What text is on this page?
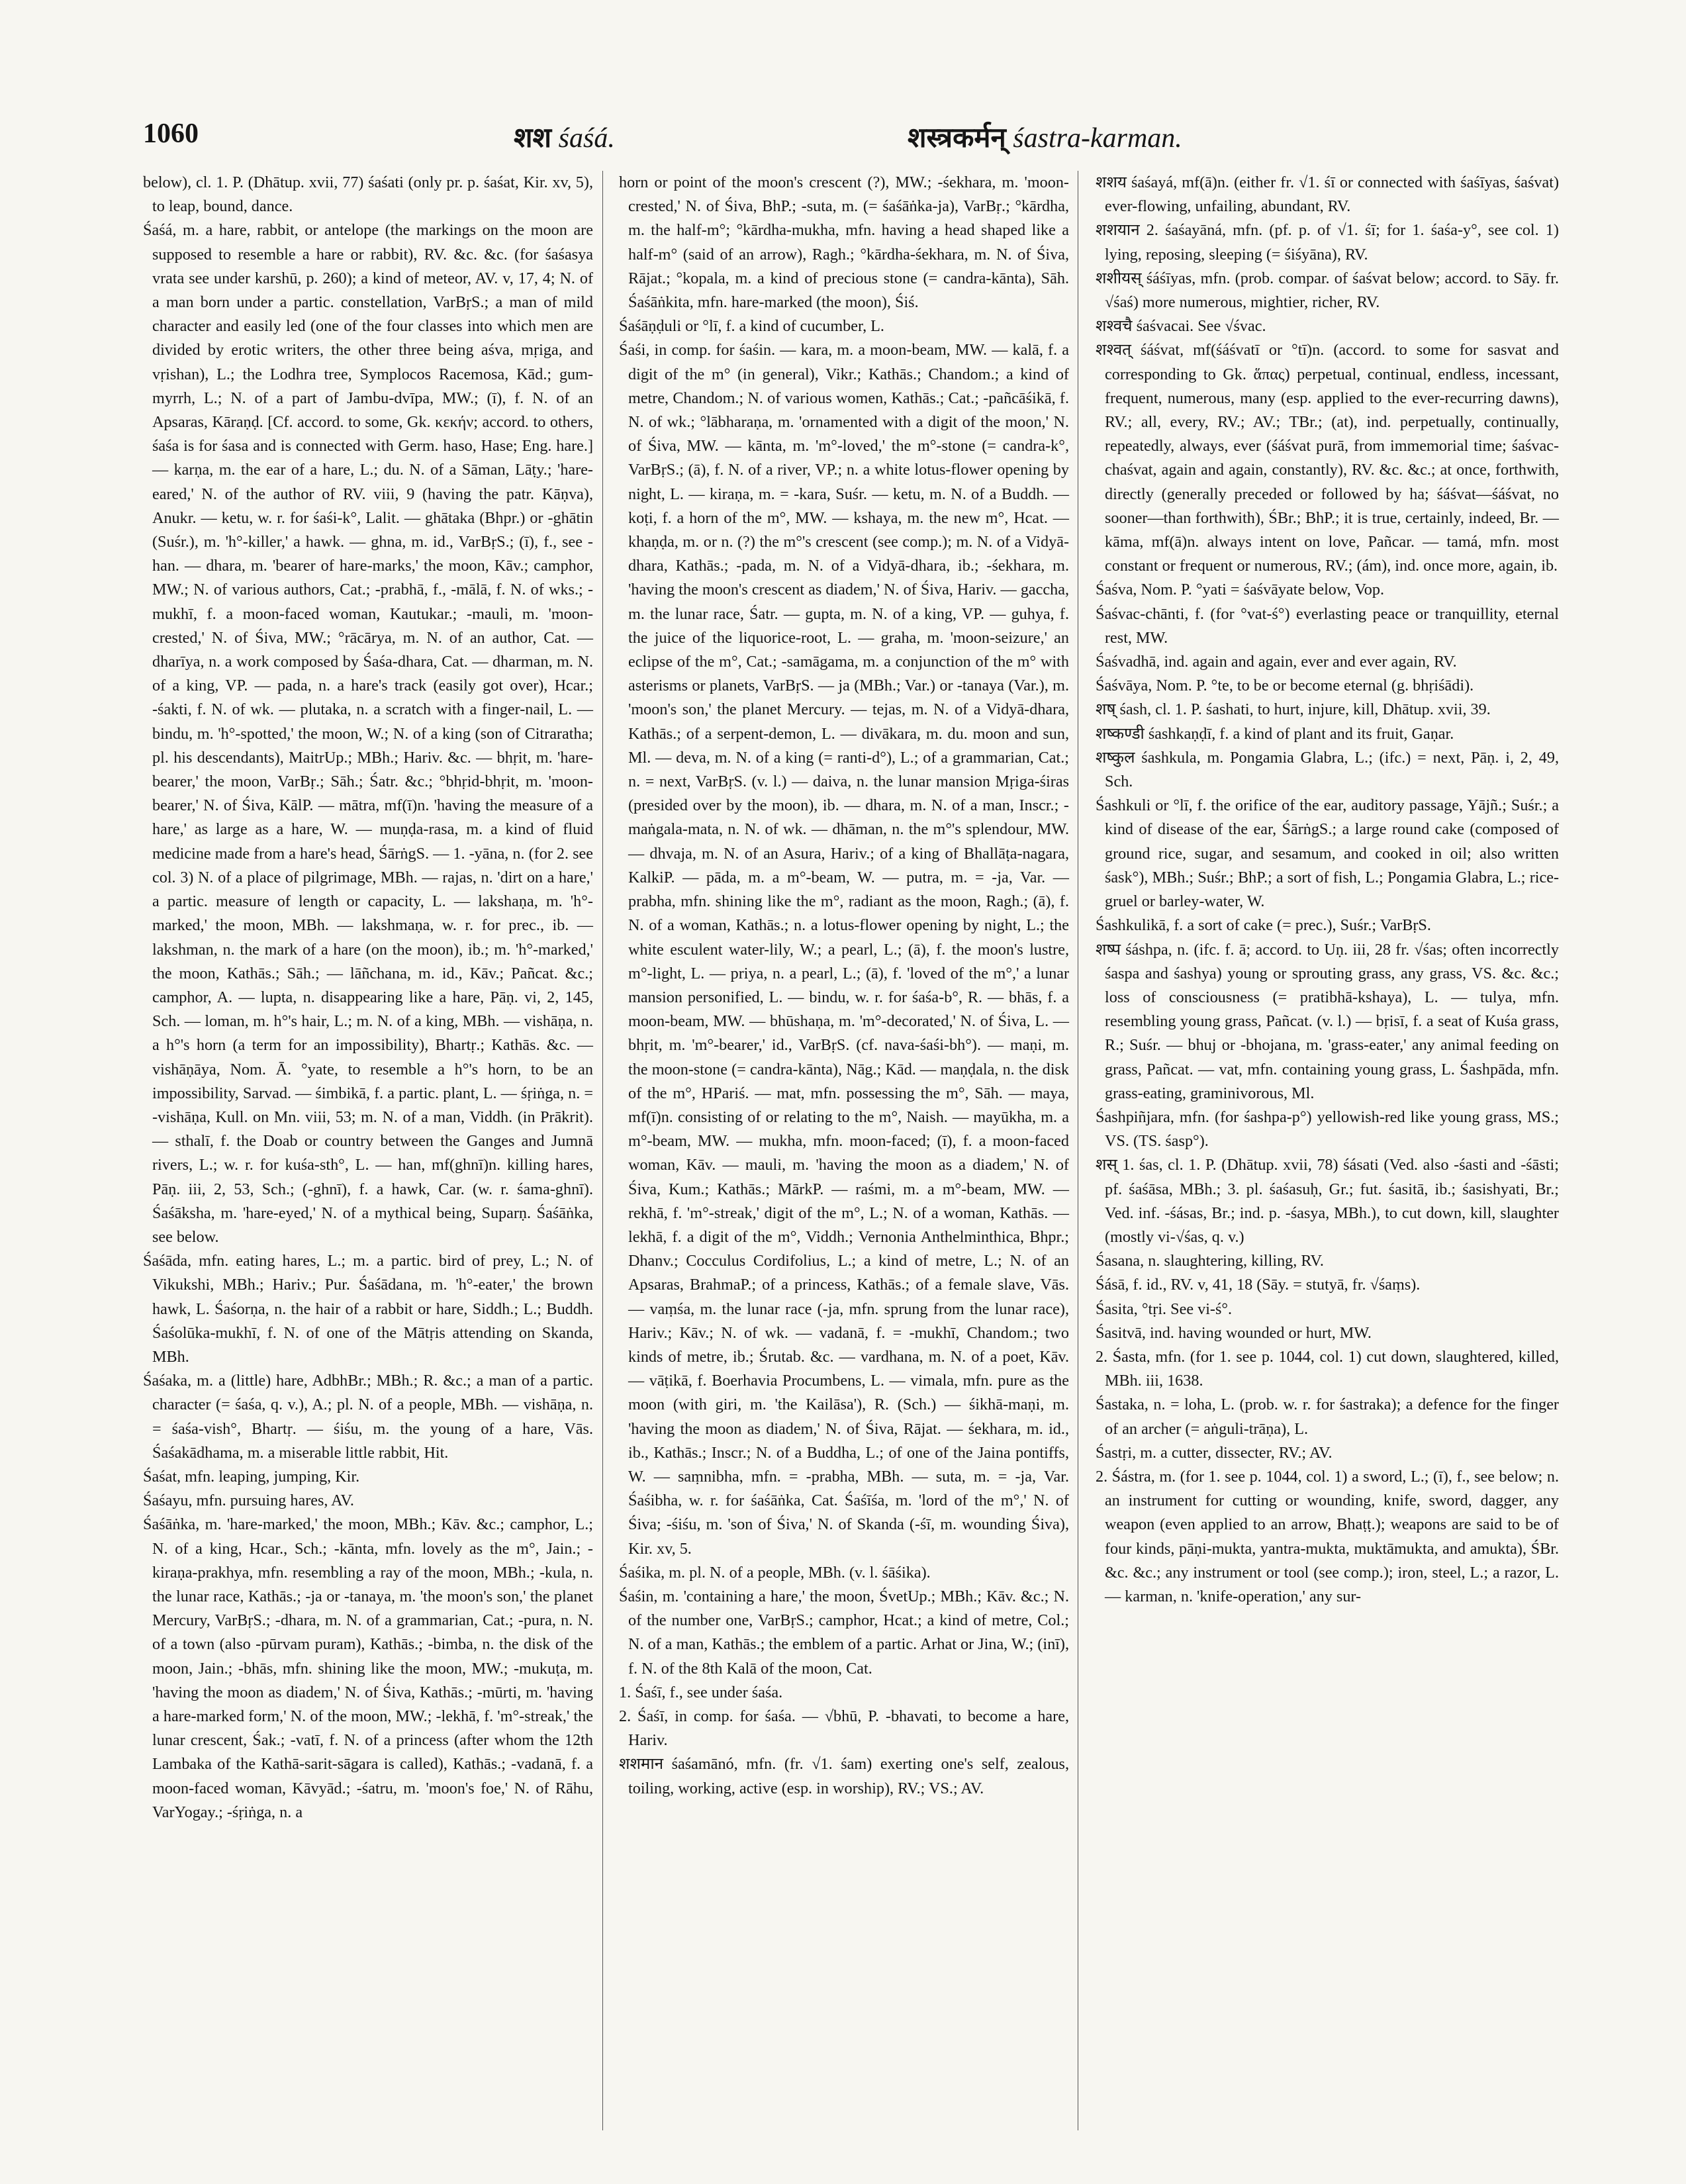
1060	शश śaśá.	शस्त्रकर्मन् śastra-karman.

below), cl. 1. P. (Dhātup. xvii, 77) śaśati (only pr. p. śaśat, Kir. xv, 5), to leap, bound, dance.

Śaśá, m. a hare, rabbit, or antelope (the markings on the moon are supposed to resemble a hare or rabbit), RV. &c. &c. (for śaśasya vrata see under karshū, p. 260); a kind of meteor, AV. v, 17, 4; N. of a man born under a partic. constellation, VarBṛS.; a man of mild character and easily led (one of the four classes into which men are divided by erotic writers, the other three being aśva, mṛiga, and vṛishan), L.; the Lodhra tree, Symplocos Racemosa, Kād.; gum-myrrh, L.; N. of a part of Jambu-dvīpa, MW.; (ī), f. N. of an Apsaras, Kāraṇḍ. [Cf. accord. to some, Gk. κεκήν; accord. to others, śaśa is for śasa and is connected with Germ. haso, Hase; Eng. hare.] — karṇa, m. the ear of a hare, L.; du. N. of a Sāman, Lāṭy.; 'hare-eared,' N. of the author of RV. viii, 9 (having the patr. Kāṇva), Anukr. — ketu, w. r. for śaśi-k°, Lalit. — ghātaka (Bhpr.) or -ghātin (Suśr.), m. 'h°-killer,' a hawk. — ghna, m. id., VarBṛS.; (ī), f., see -han. — dhara, m. 'bearer of hare-marks,' the moon, Kāv.; camphor, MW.; N. of various authors, Cat.; -prabhā, f., -mālā, f. N. of wks.; -mukhī, f. a moon-faced woman, Kautukar.; -mauli, m. 'moon-crested,' N. of Śiva, MW.; °rācārya, m. N. of an author, Cat. — dharīya, n. a work composed by Śaśa-dhara, Cat. — dharman, m. N. of a king, VP. — pada, n. a hare's track (easily got over), Hcar.; -śakti, f. N. of wk. — plutaka, n. a scratch with a finger-nail, L. — bindu, m. 'h°-spotted,' the moon, W.; N. of a king (son of Citraratha; pl. his descendants), MaitrUp.; MBh.; Hariv. &c. — bhṛit, m. 'hare-bearer,' the moon, VarBṛ.; Sāh.; Śatr. &c.; °bhṛid-bhṛit, m. 'moon-bearer,' N. of Śiva, KālP. — mātra, mf(ī)n. 'having the measure of a hare,' as large as a hare, W. — muṇḍa-rasa, m. a kind of fluid medicine made from a hare's head, ŚārṅgS. — 1. -yāna, n. (for 2. see col. 3) N. of a place of pilgrimage, MBh. — rajas, n. 'dirt on a hare,' a partic. measure of length or capacity, L. — lakshaṇa, m. 'h°-marked,' the moon, MBh. — lakshmaṇa, w. r. for prec., ib. — lakshman, n. the mark of a hare (on the moon), ib.; m. 'h°-marked,' the moon, Kathās.; Sāh.; — lāñchana, m. id., Kāv.; Pañcat. &c.; camphor, A. — lupta, n. disappearing like a hare, Pāṇ. vi, 2, 145, Sch. — loman, m. h°'s hair, L.; m. N. of a king, MBh. — vishāṇa, n. a h°'s horn (a term for an impossibility), Bhartṛ.; Kathās. &c. — vishāṇāya, Nom. Ā. °yate, to resemble a h°'s horn, to be an impossibility, Sarvad. — śimbikā, f. a partic. plant, L. — śṛiṅga, n. = -vishāṇa, Kull. on Mn. viii, 53; m. N. of a man, Viddh. (in Prākrit). — sthalī, f. the Doab or country between the Ganges and Jumnā rivers, L.; w. r. for kuśa-sth°, L. — han, mf(ghnī)n. killing hares, Pāṇ. iii, 2, 53, Sch.; (-ghnī), f. a hawk, Car. (w. r. śama-ghnī). Śaśāksha, m. 'hare-eyed,' N. of a mythical being, Suparṇ. Śaśāṅka, see below.

Śaśāda, mfn. eating hares, L.; m. a partic. bird of prey, L.; N. of Vikukshi, MBh.; Hariv.; Pur. Śaśādana, m. 'h°-eater,' the brown hawk, L. Śaśorṇa, n. the hair of a rabbit or hare, Siddh.; L.; Buddh. Śaśolūka-mukhī, f. N. of one of the Mātṛis attending on Skanda, MBh.

Śaśaka, m. a (little) hare, AdbhBr.; MBh.; R. &c.; a man of a partic. character (= śaśa, q. v.), A.; pl. N. of a people, MBh. — vishāṇa, n. = śaśa-vish°, Bhartṛ. — śiśu, m. the young of a hare, Vās. Śaśakādhama, m. a miserable little rabbit, Hit.

Śaśat, mfn. leaping, jumping, Kir.

Śaśayu, mfn. pursuing hares, AV.

Śaśāṅka, m. 'hare-marked,' the moon, MBh.; Kāv. &c.; camphor, L.; N. of a king, Hcar., Sch.; -kānta, mfn. lovely as the m°, Jain.; -kiraṇa-prakhya, mfn. resembling a ray of the moon, MBh.; -kula, n. the lunar race, Kathās.; -ja or -tanaya, m. 'the moon's son,' the planet Mercury, VarBṛS.; -dhara, m. N. of a grammarian, Cat.; -pura, n. N. of a town (also -pūrvam puram), Kathās.; -bimba, n. the disk of the moon, Jain.; -bhās, mfn. shining like the moon, MW.; -mukuṭa, m. 'having the moon as diadem,' N. of Śiva, Kathās.; -mūrti, m. 'having a hare-marked form,' N. of the moon, MW.; -lekhā, f. 'm°-streak,' the lunar crescent, Śak.; -vatī, f. N. of a princess (after whom the 12th Lambaka of the Kathā-sarit-sāgara is called), Kathās.; -vadanā, f. a moon-faced woman, Kāvyād.; -śatru, m. 'moon's foe,' N. of Rāhu, VarYogay.; -śṛiṅga, n. a

horn or point of the moon's crescent (?), MW.; -śekhara, m. 'moon-crested,' N. of Śiva, BhP.; -suta, m. (= śaśāṅka-ja), VarBṛ.; °kārdha, m. the half-m°; °kārdha-mukha, mfn. having a head shaped like a half-m° (said of an arrow), Ragh.; °kārdha-śekhara, m. N. of Śiva, Rājat.; °kopala, m. a kind of precious stone (= candra-kānta), Sāh. Śaśāṅkita, mfn. hare-marked (the moon), Śiś.

Śaśāṇḍuli or °lī, f. a kind of cucumber, L.

Śaśi, in comp. for śaśin. — kara, m. a moon-beam, MW. — kalā, f. a digit of the m° (in general), Vikr.; Kathās.; Chandom.; a kind of metre, Chandom.; N. of various women, Kathās.; Cat.; -pañcāśikā, f. N. of wk.; °lābharaṇa, m. 'ornamented with a digit of the moon,' N. of Śiva, MW. — kānta, m. 'm°-loved,' the m°-stone (= candra-k°, VarBṛS.; (ā), f. N. of a river, VP.; n. a white lotus-flower opening by night, L. — kiraṇa, m. = -kara, Suśr. — ketu, m. N. of a Buddh. — koṭi, f. a horn of the m°, MW. — kshaya, m. the new m°, Hcat. — khaṇḍa, m. or n. (?) the m°'s crescent (see comp.); m. N. of a Vidyā-dhara, Kathās.; -pada, m. N. of a Vidyā-dhara, ib.; -śekhara, m. 'having the moon's crescent as diadem,' N. of Śiva, Hariv. — gaccha, m. the lunar race, Śatr. — gupta, m. N. of a king, VP. — guhya, f. the juice of the liquorice-root, L. — graha, m. 'moon-seizure,' an eclipse of the m°, Cat.; -samāgama, m. a conjunction of the m° with asterisms or planets, VarBṛS. — ja (MBh.; Var.) or -tanaya (Var.), m. 'moon's son,' the planet Mercury. — tejas, m. N. of a Vidyā-dhara, Kathās.; of a serpent-demon, L. — divākara, m. du. moon and sun, Ml. — deva, m. N. of a king (= ranti-d°), L.; of a grammarian, Cat.; n. = next, VarBṛS. (v. l.) — daiva, n. the lunar mansion Mṛiga-śiras (presided over by the moon), ib. — dhara, m. N. of a man, Inscr.; -maṅgala-mata, n. N. of wk. — dhāman, n. the m°'s splendour, MW. — dhvaja, m. N. of an Asura, Hariv.; of a king of Bhallāṭa-nagara, KalkiP. — pāda, m. a m°-beam, W. — putra, m. = -ja, Var. — prabha, mfn. shining like the m°, radiant as the moon, Ragh.; (ā), f. N. of a woman, Kathās.; n. a lotus-flower opening by night, L.; the white esculent water-lily, W.; a pearl, L.; (ā), f. the moon's lustre, m°-light, L. — priya, n. a pearl, L.; (ā), f. 'loved of the m°,' a lunar mansion personified, L. — bindu, w. r. for śaśa-b°, R. — bhās, f. a moon-beam, MW. — bhūshaṇa, m. 'm°-decorated,' N. of Śiva, L. — bhṛit, m. 'm°-bearer,' id., VarBṛS. (cf. nava-śaśi-bh°). — maṇi, m. the moon-stone (= candra-kānta), Nāg.; Kād. — maṇḍala, n. the disk of the m°, HPariś. — mat, mfn. possessing the m°, Sāh. — maya, mf(ī)n. consisting of or relating to the m°, Naish. — mayūkha, m. a m°-beam, MW. — mukha, mfn. moon-faced; (ī), f. a moon-faced woman, Kāv. — mauli, m. 'having the moon as a diadem,' N. of Śiva, Kum.; Kathās.; MārkP. — raśmi, m. a m°-beam, MW. — rekhā, f. 'm°-streak,' digit of the m°, L.; N. of a woman, Kathās. — lekhā, f. a digit of the m°, Viddh.; Vernonia Anthelminthica, Bhpr.; Dhanv.; Cocculus Cordifolius, L.; a kind of metre, L.; N. of an Apsaras, BrahmaP.; of a princess, Kathās.; of a female slave, Vās. — vaṃśa, m. the lunar race (-ja, mfn. sprung from the lunar race), Hariv.; Kāv.; N. of wk. — vadanā, f. = -mukhī, Chandom.; two kinds of metre, ib.; Śrutab. &c. — vardhana, m. N. of a poet, Kāv. — vāṭikā, f. Boerhavia Procumbens, L. — vimala, mfn. pure as the moon (with giri, m. 'the Kailāsa'), R. (Sch.) — śikhā-maṇi, m. 'having the moon as diadem,' N. of Śiva, Rājat. — śekhara, m. id., ib., Kathās.; Inscr.; N. of a Buddha, L.; of one of the Jaina pontiffs, W. — saṃnibha, mfn. = -prabha, MBh. — suta, m. = -ja, Var. Śaśibha, w. r. for śaśāṅka, Cat. Śaśīśa, m. 'lord of the m°,' N. of Śiva; -śiśu, m. 'son of Śiva,' N. of Skanda (-śī, m. wounding Śiva), Kir. xv, 5.

Śaśika, m. pl. N. of a people, MBh. (v. l. śāśika).

Śaśin, m. 'containing a hare,' the moon, ŚvetUp.; MBh.; Kāv. &c.; N. of the number one, VarBṛS.; camphor, Hcat.; a kind of metre, Col.; N. of a man, Kathās.; the emblem of a partic. Arhat or Jina, W.; (inī), f. N. of the 8th Kalā of the moon, Cat.

1. Śaśī, f., see under śaśa.

2. Śaśī, in comp. for śaśa. — √bhū, P. -bhavati, to become a hare, Hariv.

शशमान śaśamānó, mfn. (fr. √1. śam) exerting one's self, zealous, toiling, working, active (esp. in worship), RV.; VS.; AV.

शशय śaśayá, mf(ā)n. (either fr. √1. śī or connected with śaśīyas, śaśvat) ever-flowing, unfailing, abundant, RV.

शशयान 2. śaśayāná, mfn. (pf. p. of √1. śī; for 1. śaśa-y°, see col. 1) lying, reposing, sleeping (= śiśyāna), RV.

शशीयस् śáśīyas, mfn. (prob. compar. of śaśvat below; accord. to Sāy. fr. √śaś) more numerous, mightier, richer, RV.

शश्वचै śaśvacai. See √śvac.

शश्वत् śáśvat, mf(śáśvatī or °tī)n. (accord. to some for sasvat and corresponding to Gk. ἅπας) perpetual, continual, endless, incessant, frequent, numerous, many (esp. applied to the ever-recurring dawns), RV.; all, every, RV.; AV.; TBr.; (at), ind. perpetually, continually, repeatedly, always, ever (śáśvat purā, from immemorial time; śaśvac-chaśvat, again and again, constantly), RV. &c. &c.; at once, forthwith, directly (generally preceded or followed by ha; śáśvat—śáśvat, no sooner—than forthwith), ŚBr.; BhP.; it is true, certainly, indeed, Br. — kāma, mf(ā)n. always intent on love, Pañcar. — tamá, mfn. most constant or frequent or numerous, RV.; (ám), ind. once more, again, ib.

Śaśva, Nom. P. °yati = śaśvāyate below, Vop.

Śaśvac-chānti, f. (for °vat-ś°) everlasting peace or tranquillity, eternal rest, MW.

Śaśvadhā, ind. again and again, ever and ever again, RV.

Śaśvāya, Nom. P. °te, to be or become eternal (g. bhṛiśādi).

शष् śash, cl. 1. P. śashati, to hurt, injure, kill, Dhātup. xvii, 39.

शष्कण्डी śashkaṇḍī, f. a kind of plant and its fruit, Gaṇar.

शष्कुल śashkula, m. Pongamia Glabra, L.; (ifc.) = next, Pāṇ. i, 2, 49, Sch.

Śashkuli or °lī, f. the orifice of the ear, auditory passage, Yājñ.; Suśr.; a kind of disease of the ear, ŚārṅgS.; a large round cake (composed of ground rice, sugar, and sesamum, and cooked in oil; also written śask°), MBh.; Suśr.; BhP.; a sort of fish, L.; Pongamia Glabra, L.; rice-gruel or barley-water, W.

Śashkulikā, f. a sort of cake (= prec.), Suśr.; VarBṛS.

शष्प śáshpa, n. (ifc. f. ā; accord. to Uṇ. iii, 28 fr. √śas; often incorrectly śaspa and śashya) young or sprouting grass, any grass, VS. &c. &c.; loss of consciousness (= pratibhā-kshaya), L. — tulya, mfn. resembling young grass, Pañcat. (v. l.) — bṛisī, f. a seat of Kuśa grass, R.; Suśr. — bhuj or -bhojana, m. 'grass-eater,' any animal feeding on grass, Pañcat. — vat, mfn. containing young grass, L. Śashpāda, mfn. grass-eating, graminivorous, Ml.

Śashpiñjara, mfn. (for śashpa-p°) yellowish-red like young grass, MS.; VS. (TS. śasp°).

शस् 1. śas, cl. 1. P. (Dhātup. xvii, 78) śásati (Ved. also -śasti and -śāsti; pf. śaśāsa, MBh.; 3. pl. śaśasuḥ, Gr.; fut. śasitā, ib.; śasishyati, Br.; Ved. inf. -śásas, Br.; ind. p. -śasya, MBh.), to cut down, kill, slaughter (mostly vi-√śas, q. v.)

Śasana, n. slaughtering, killing, RV.

Śásā, f. id., RV. v, 41, 18 (Sāy. = stutyā, fr. √śaṃs).

Śasita, °tṛi. See vi-ś°.

Śasitvā, ind. having wounded or hurt, MW.

2. Śasta, mfn. (for 1. see p. 1044, col. 1) cut down, slaughtered, killed, MBh. iii, 1638.

Śastaka, n. = loha, L. (prob. w. r. for śastraka); a defence for the finger of an archer (= aṅguli-trāṇa), L.

Śastṛi, m. a cutter, dissecter, RV.; AV.

2. Śástra, m. (for 1. see p. 1044, col. 1) a sword, L.; (ī), f., see below; n. an instrument for cutting or wounding, knife, sword, dagger, any weapon (even applied to an arrow, Bhaṭṭ.); weapons are said to be of four kinds, pāṇi-mukta, yantra-mukta, muktāmukta, and amukta), ŚBr. &c. &c.; any instrument or tool (see comp.); iron, steel, L.; a razor, L. — karman, n. 'knife-operation,' any sur-
